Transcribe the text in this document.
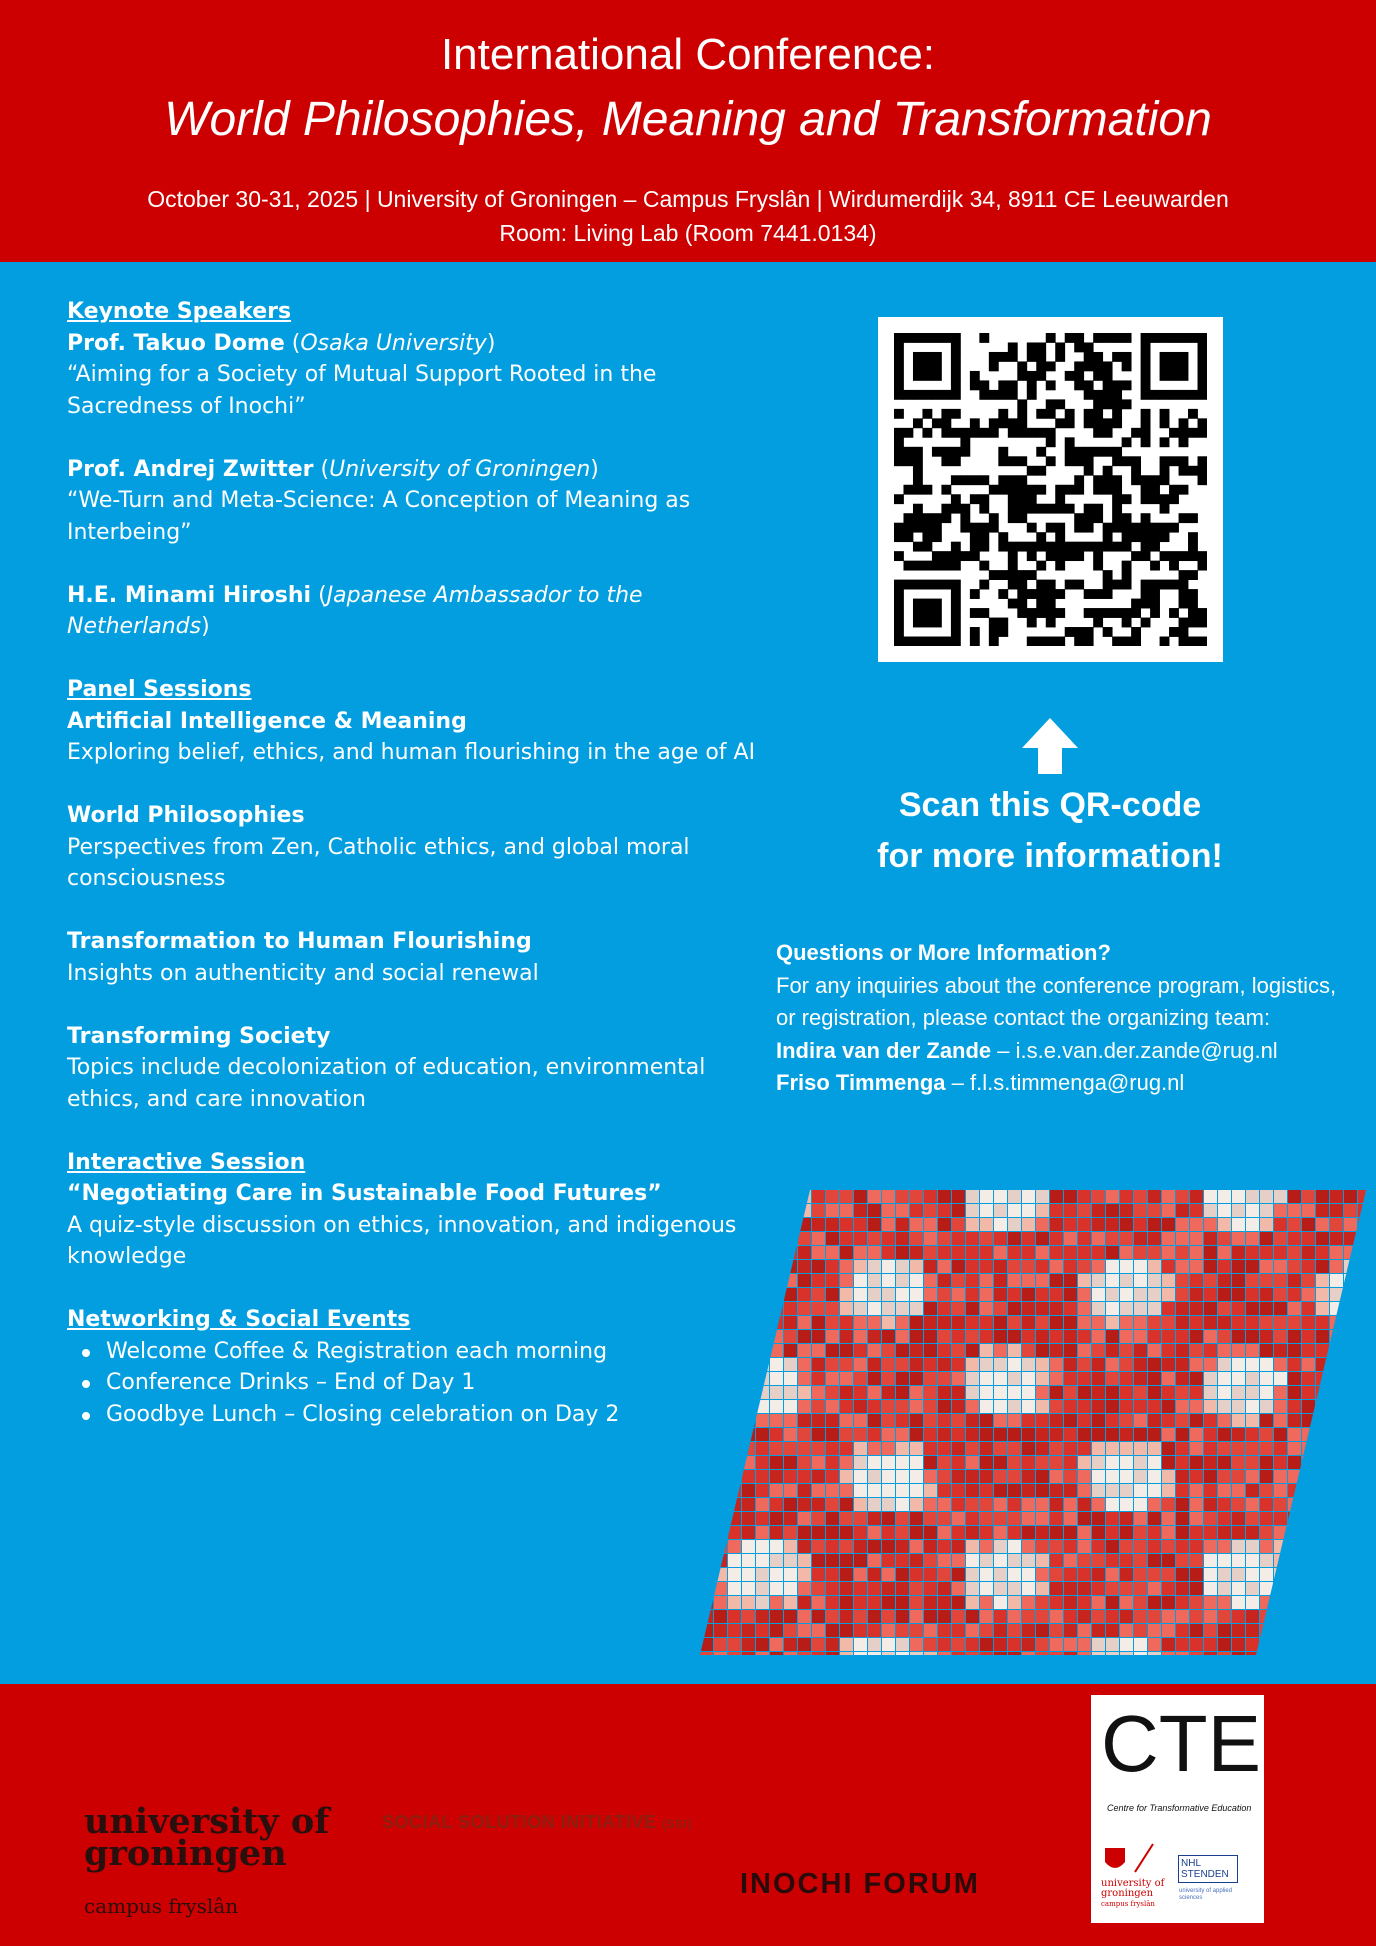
International Conference:
World Philosophies, Meaning and Transformation
October 30-31, 2025 | University of Groningen – Campus Fryslân | Wirdumerdijk 34, 8911 CE Leeuwarden
Room: Living Lab (Room 7441.0134)
Keynote Speakers
Prof. Takuo Dome (Osaka University)
“Aiming for a Society of Mutual Support Rooted in the Sacredness of Inochi”
Prof. Andrej Zwitter (University of Groningen)
“We-Turn and Meta-Science: A Conception of Meaning as Interbeing”
H.E. Minami Hiroshi (Japanese Ambassador to the Netherlands)
Panel Sessions
Artificial Intelligence & Meaning
Exploring belief, ethics, and human flourishing in the age of AI
World Philosophies
Perspectives from Zen, Catholic ethics, and global moral consciousness
Transformation to Human Flourishing
Insights on authenticity and social renewal
Transforming Society
Topics include decolonization of education, environmental ethics, and care innovation
Interactive Session
“Negotiating Care in Sustainable Food Futures”
A quiz-style discussion on ethics, innovation, and indigenous knowledge
Networking & Social Events
Welcome Coffee & Registration each morning
Conference Drinks – End of Day 1
Goodbye Lunch – Closing celebration on Day 2
Scan this QR-code
for more information!
Questions or More Information?
For any inquiries about the conference program, logistics, or registration, please contact the organizing team:
Indira van der Zande – i.s.e.van.der.zande@rug.nl
Friso Timmenga – f.l.s.timmenga@rug.nl

university of
groningen
campus fryslân

SOCIAL SOLUTION INITIATIVE (SSI)
INOCHI FORUM
CTE
Centre for Transformative Education
university of
groningen
campus fryslân
NHL
STENDEN
university of applied sciences
